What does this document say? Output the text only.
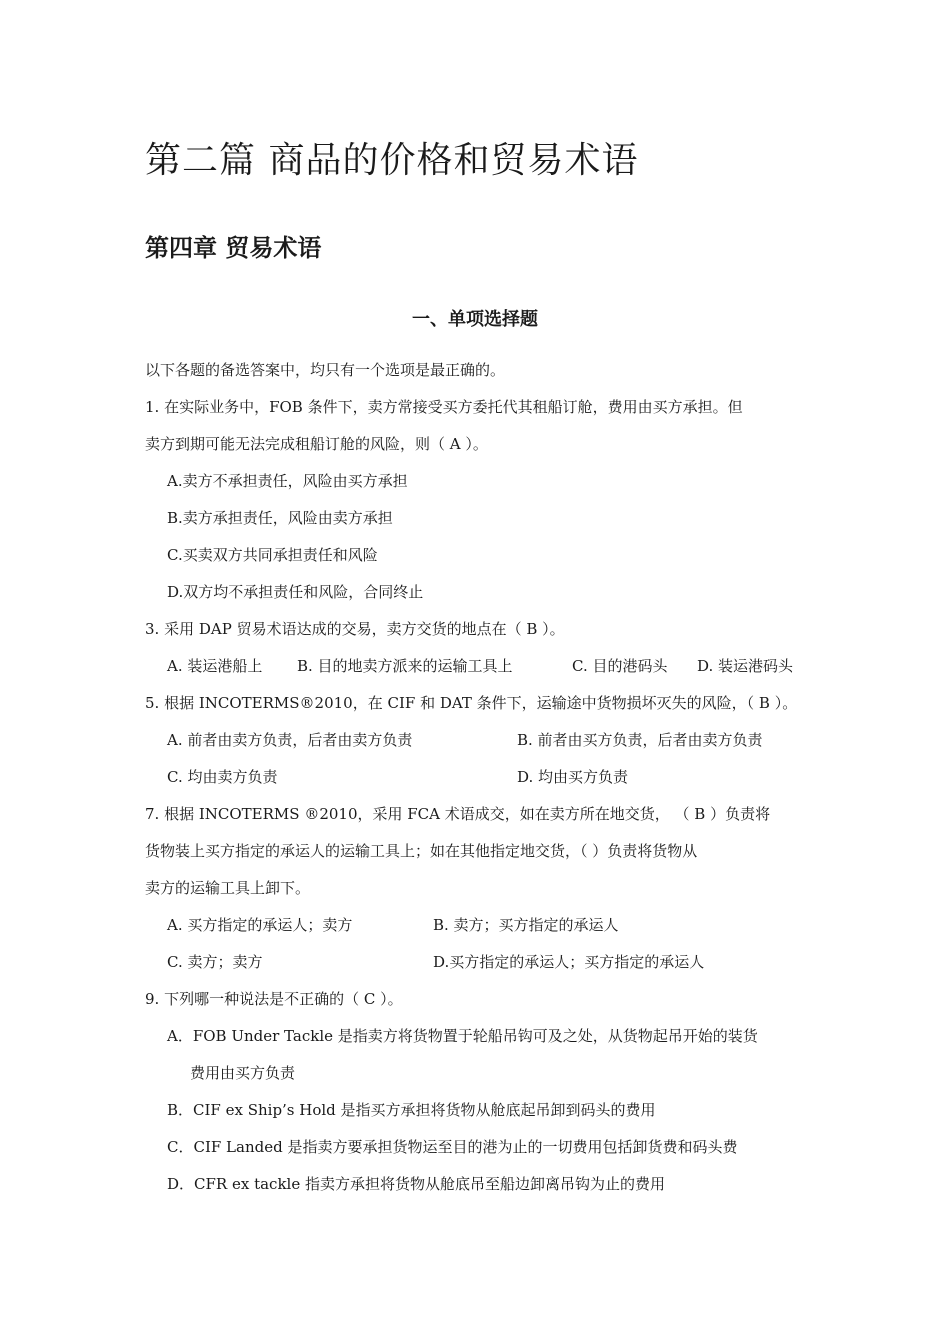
第二篇 商品的价格和贸易术语
第四章 贸易术语
一、单项选择题
以下各题的备选答案中，均只有一个选项是最正确的。
1. 在实际业务中，FOB 条件下，卖方常接受买方委托代其租船订舱，费用由买方承担。但
卖方到期可能无法完成租船订舱的风险，则（ A ）。
A.卖方不承担责任，风险由买方承担
B.卖方承担责任，风险由卖方承担
C.买卖双方共同承担责任和风险
D.双方均不承担责任和风险，合同终止
3. 采用 DAP 贸易术语达成的交易，卖方交货的地点在（ B ）。
A. 装运港船上	B. 目的地卖方派来的运输工具上	C. 目的港码头	D. 装运港码头
5. 根据 INCOTERMS®2010，在 CIF 和 DAT 条件下，运输途中货物损坏灭失的风险，（ B ）。
A. 前者由卖方负责，后者由卖方负责	B. 前者由买方负责，后者由卖方负责
C. 均由卖方负责	D. 均由买方负责
7. 根据 INCOTERMS ®2010，采用 FCA 术语成交，如在卖方所在地交货， （ B ）负责将
货物装上买方指定的承运人的运输工具上；如在其他指定地交货，（ ）负责将货物从
卖方的运输工具上卸下。
A. 买方指定的承运人；卖方	B. 卖方；买方指定的承运人
C. 卖方；卖方	D.买方指定的承运人；买方指定的承运人
9. 下列哪一种说法是不正确的（ C ）。
A．FOB Under Tackle 是指卖方将货物置于轮船吊钩可及之处，从货物起吊开始的装货
费用由买方负责
B．CIF ex Ship’s Hold 是指买方承担将货物从舱底起吊卸到码头的费用
C．CIF Landed 是指卖方要承担货物运至目的港为止的一切费用包括卸货费和码头费
D．CFR ex tackle 指卖方承担将货物从舱底吊至船边卸离吊钩为止的费用
